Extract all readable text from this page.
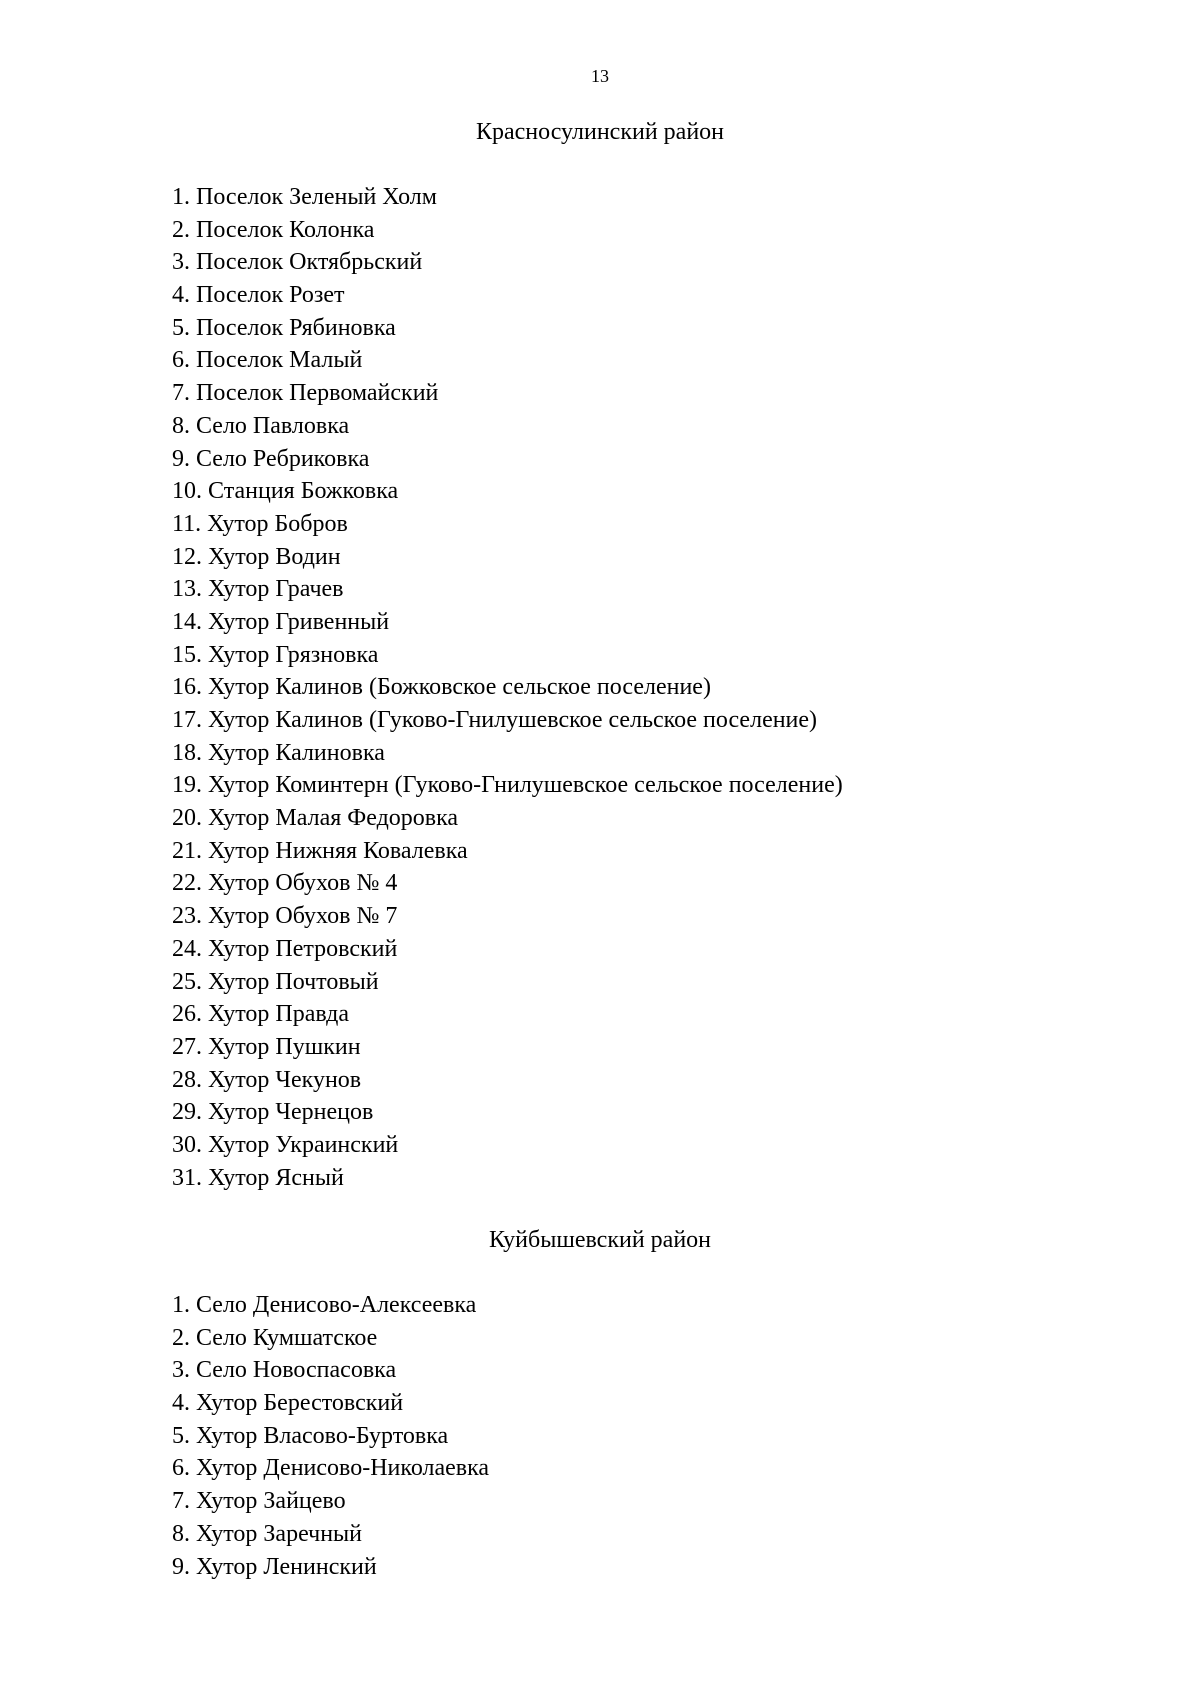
13
Красносулинский район
1. Поселок Зеленый Холм
2. Поселок Колонка
3. Поселок Октябрьский
4. Поселок Розет
5. Поселок Рябиновка
6. Поселок Малый
7. Поселок Первомайский
8. Село Павловка
9. Село Ребриковка
10. Станция Божковка
11. Хутор Бобров
12. Хутор Водин
13. Хутор Грачев
14. Хутор Гривенный
15. Хутор Грязновка
16. Хутор Калинов (Божковское сельское поселение)
17. Хутор Калинов (Гуково-Гнилушевское сельское поселение)
18. Хутор Калиновка
19. Хутор Коминтерн (Гуково-Гнилушевское сельское поселение)
20. Хутор Малая Федоровка
21. Хутор Нижняя Ковалевка
22. Хутор Обухов № 4
23. Хутор Обухов № 7
24. Хутор Петровский
25. Хутор Почтовый
26. Хутор Правда
27. Хутор Пушкин
28. Хутор Чекунов
29. Хутор Чернецов
30. Хутор Украинский
31. Хутор Ясный
Куйбышевский район
1. Село Денисово-Алексеевка
2. Село Кумшатское
3. Село Новоспасовка
4. Хутор Берестовский
5. Хутор Власово-Буртовка
6. Хутор Денисово-Николаевка
7. Хутор Зайцево
8. Хутор Заречный
9. Хутор Ленинский
